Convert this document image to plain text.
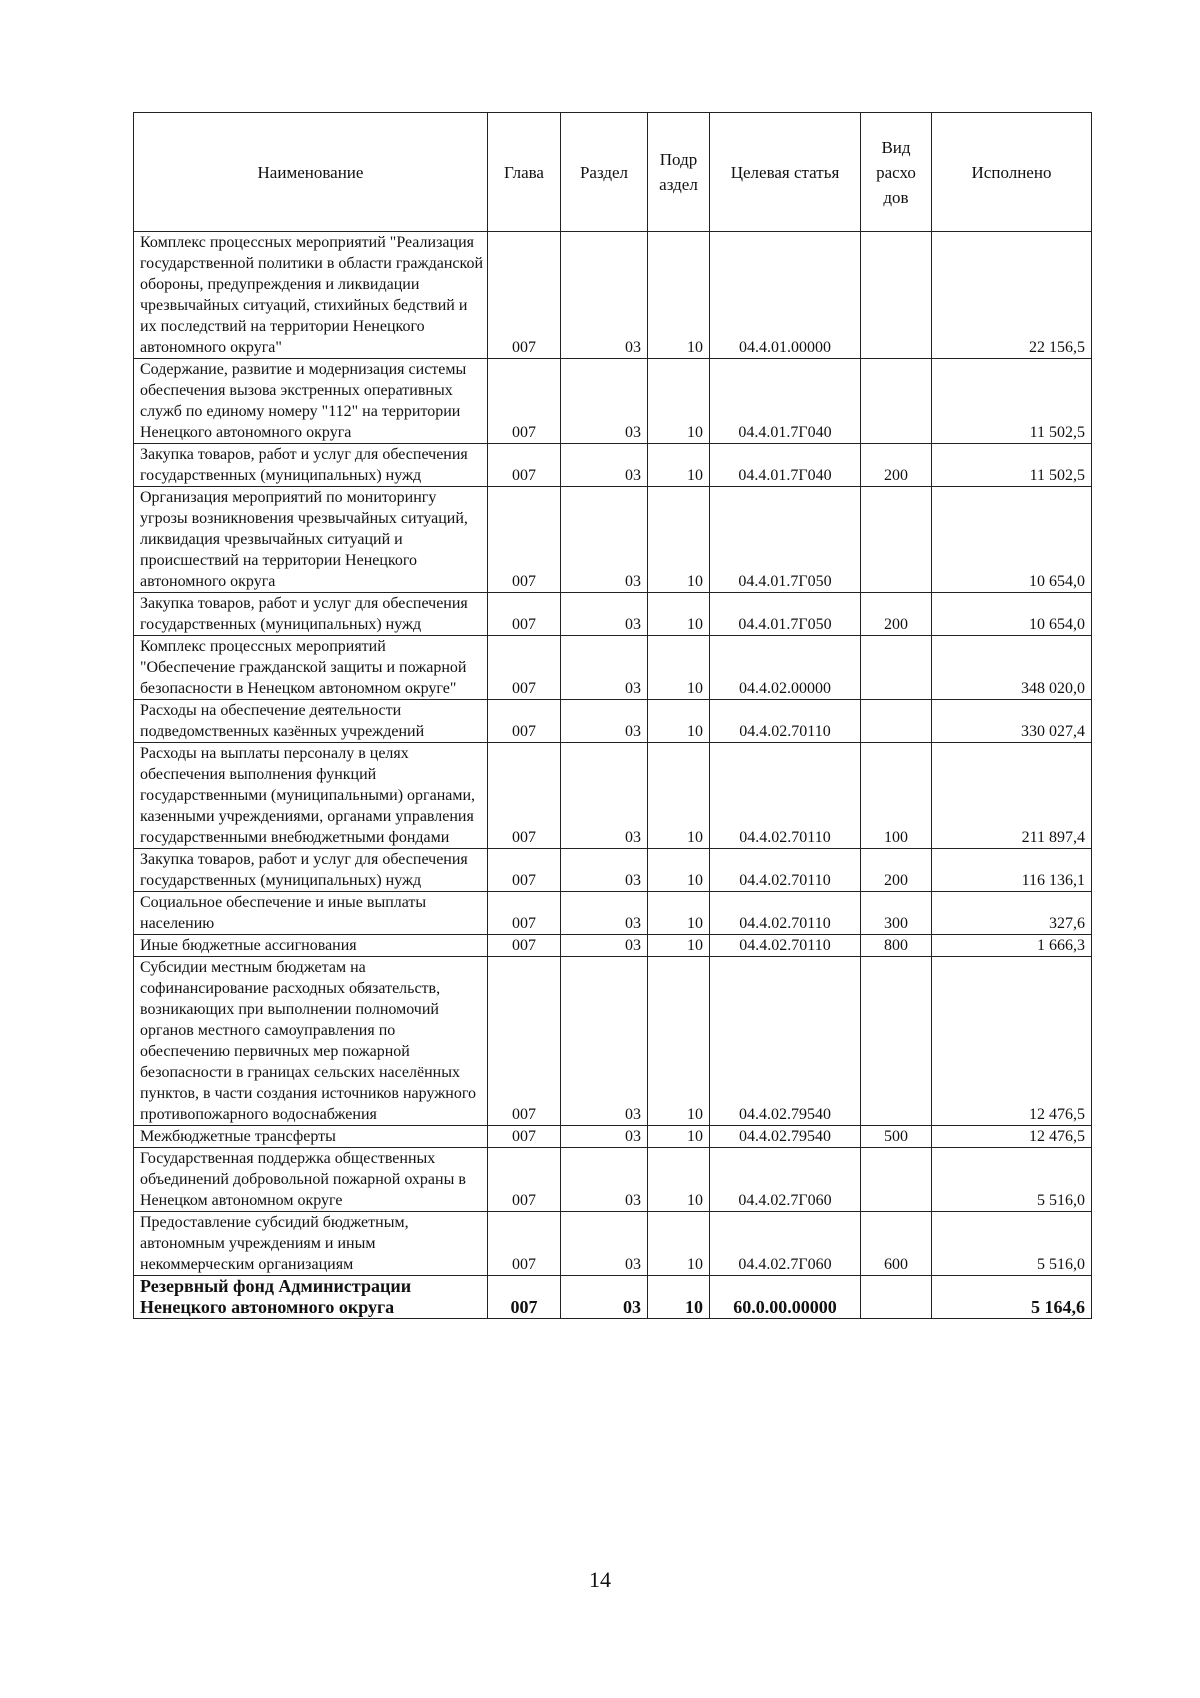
Наименование	Глава	Раздел	Подр аздел	Целевая статья	Вид расхо дов	Исполнено
Комплекс процессных мероприятий "Реализация государственной политики в области гражданской обороны, предупреждения и ликвидации чрезвычайных ситуаций, стихийных бедствий и их последствий на территории Ненецкого автономного округа"	007	03	10	04.4.01.00000		22 156,5
Содержание, развитие и модернизация системы обеспечения вызова экстренных оперативных служб по единому номеру "112" на территории Ненецкого автономного округа	007	03	10	04.4.01.7Г040		11 502,5
Закупка товаров, работ и услуг для обеспечения государственных (муниципальных) нужд	007	03	10	04.4.01.7Г040	200	11 502,5
Организация мероприятий по мониторингу угрозы возникновения чрезвычайных ситуаций, ликвидация чрезвычайных ситуаций и происшествий на территории Ненецкого автономного округа	007	03	10	04.4.01.7Г050		10 654,0
Закупка товаров, работ и услуг для обеспечения государственных (муниципальных) нужд	007	03	10	04.4.01.7Г050	200	10 654,0
Комплекс процессных мероприятий "Обеспечение гражданской защиты и пожарной безопасности в Ненецком автономном округе"	007	03	10	04.4.02.00000		348 020,0
Расходы на обеспечение деятельности подведомственных казённых учреждений	007	03	10	04.4.02.70110		330 027,4
Расходы на выплаты персоналу в целях обеспечения выполнения функций государственными (муниципальными) органами, казенными учреждениями, органами управления государственными внебюджетными фондами	007	03	10	04.4.02.70110	100	211 897,4
Закупка товаров, работ и услуг для обеспечения государственных (муниципальных) нужд	007	03	10	04.4.02.70110	200	116 136,1
Социальное обеспечение и иные выплаты населению	007	03	10	04.4.02.70110	300	327,6
Иные бюджетные ассигнования	007	03	10	04.4.02.70110	800	1 666,3
Субсидии местным бюджетам на софинансирование расходных обязательств, возникающих при выполнении полномочий органов местного самоуправления по обеспечению первичных мер пожарной безопасности в границах сельских населённых пунктов, в части создания источников наружного противопожарного водоснабжения	007	03	10	04.4.02.79540		12 476,5
Межбюджетные трансферты	007	03	10	04.4.02.79540	500	12 476,5
Государственная поддержка общественных объединений добровольной пожарной охраны в Ненецком автономном округе	007	03	10	04.4.02.7Г060		5 516,0
Предоставление субсидий бюджетным, автономным учреждениям и иным некоммерческим организациям	007	03	10	04.4.02.7Г060	600	5 516,0
Резервный фонд Администрации Ненецкого автономного округа	007	03	10	60.0.00.00000		5 164,6
14
